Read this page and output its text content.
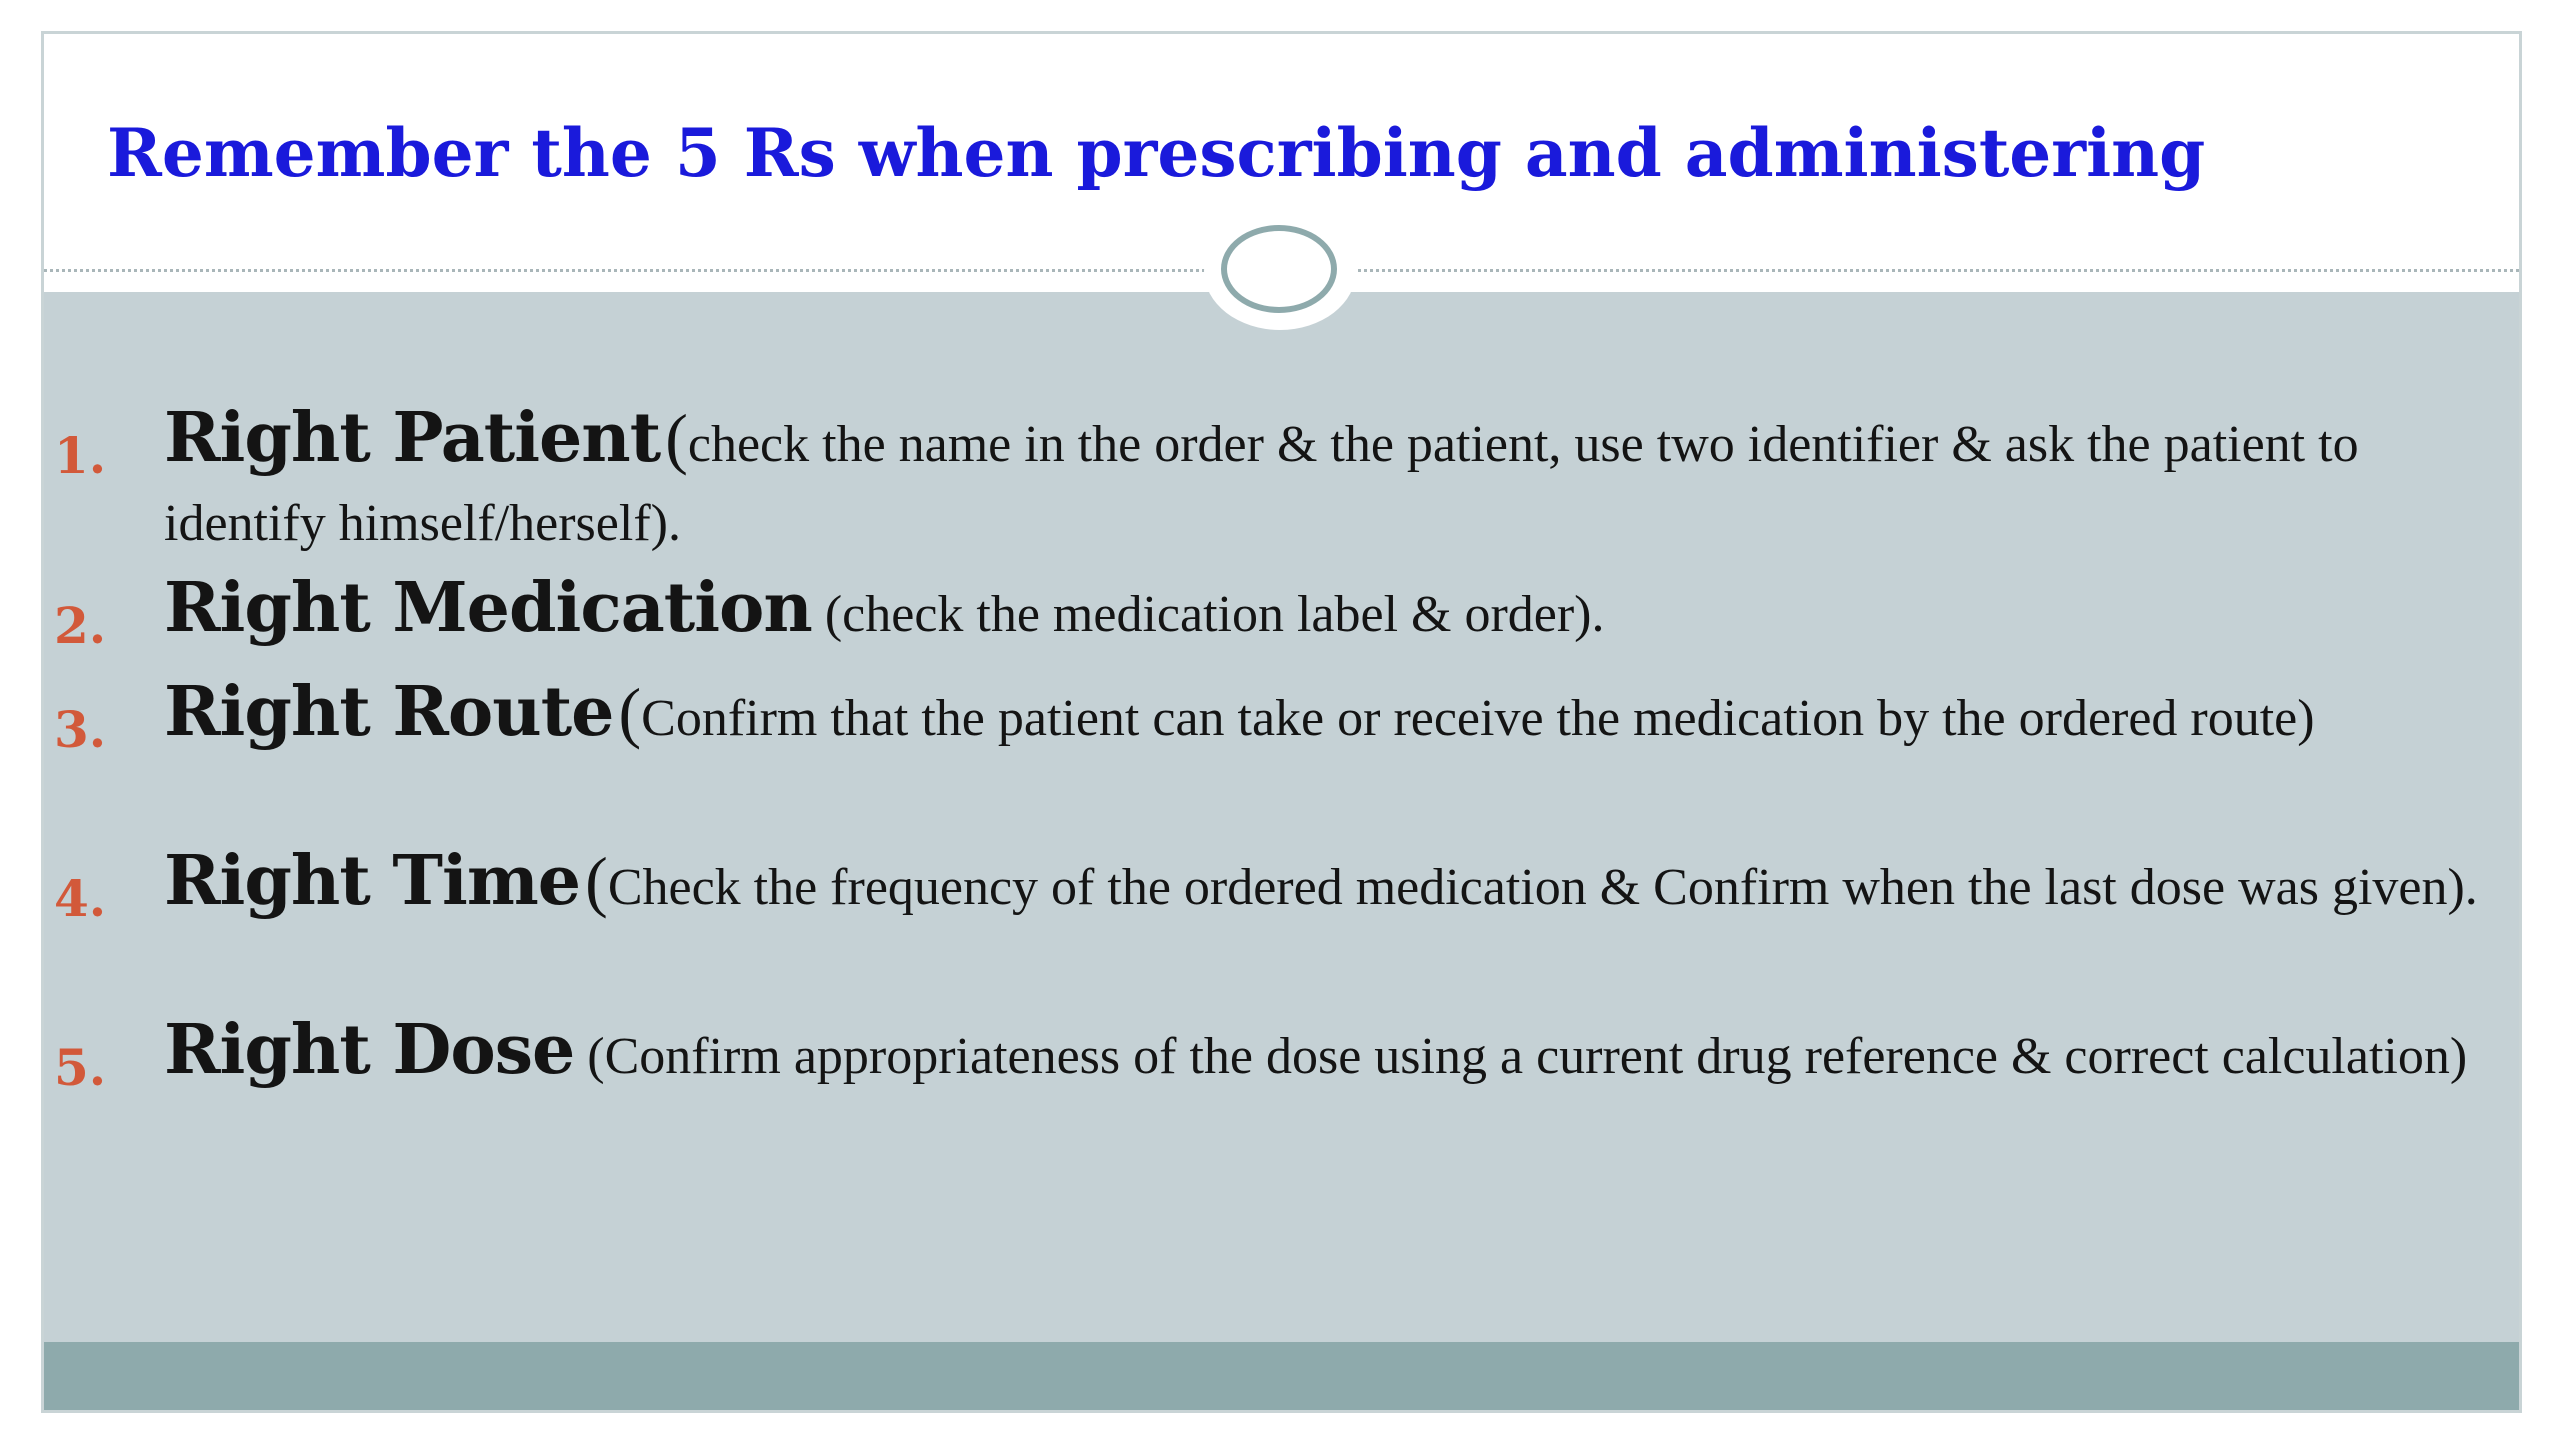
Remember the 5 Rs when prescribing and administering
1. Right Patient (check the name in the order & the patient, use two identifier & ask the patient to identify himself/herself).
2. Right Medication (check the medication label & order).
3. Right Route (Confirm that the patient can take or receive the medication by the ordered route)
4. Right Time (Check the frequency of the ordered medication & Confirm when the last dose was given).
5. Right Dose (Confirm appropriateness of the dose using a current drug reference & correct calculation)
